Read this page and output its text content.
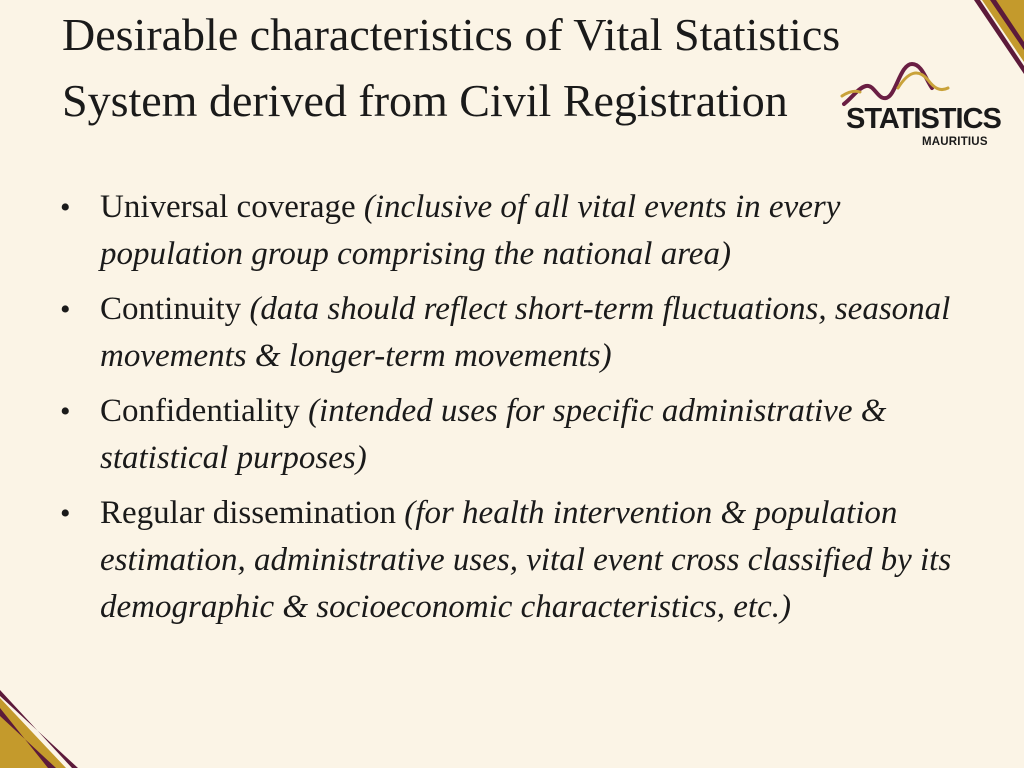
Desirable characteristics of Vital Statistics System derived from Civil Registration	STATISTICS
MAURITIUS
• Universal coverage (inclusive of all vital events in every population group comprising the national area)
• Continuity (data should reflect short-term fluctuations, seasonal movements & longer-term movements)
• Confidentiality (intended uses for specific administrative & statistical purposes)
• Regular dissemination (for health intervention & population estimation, administrative uses, vital event cross classified by its demographic & socioeconomic characteristics, etc.)
